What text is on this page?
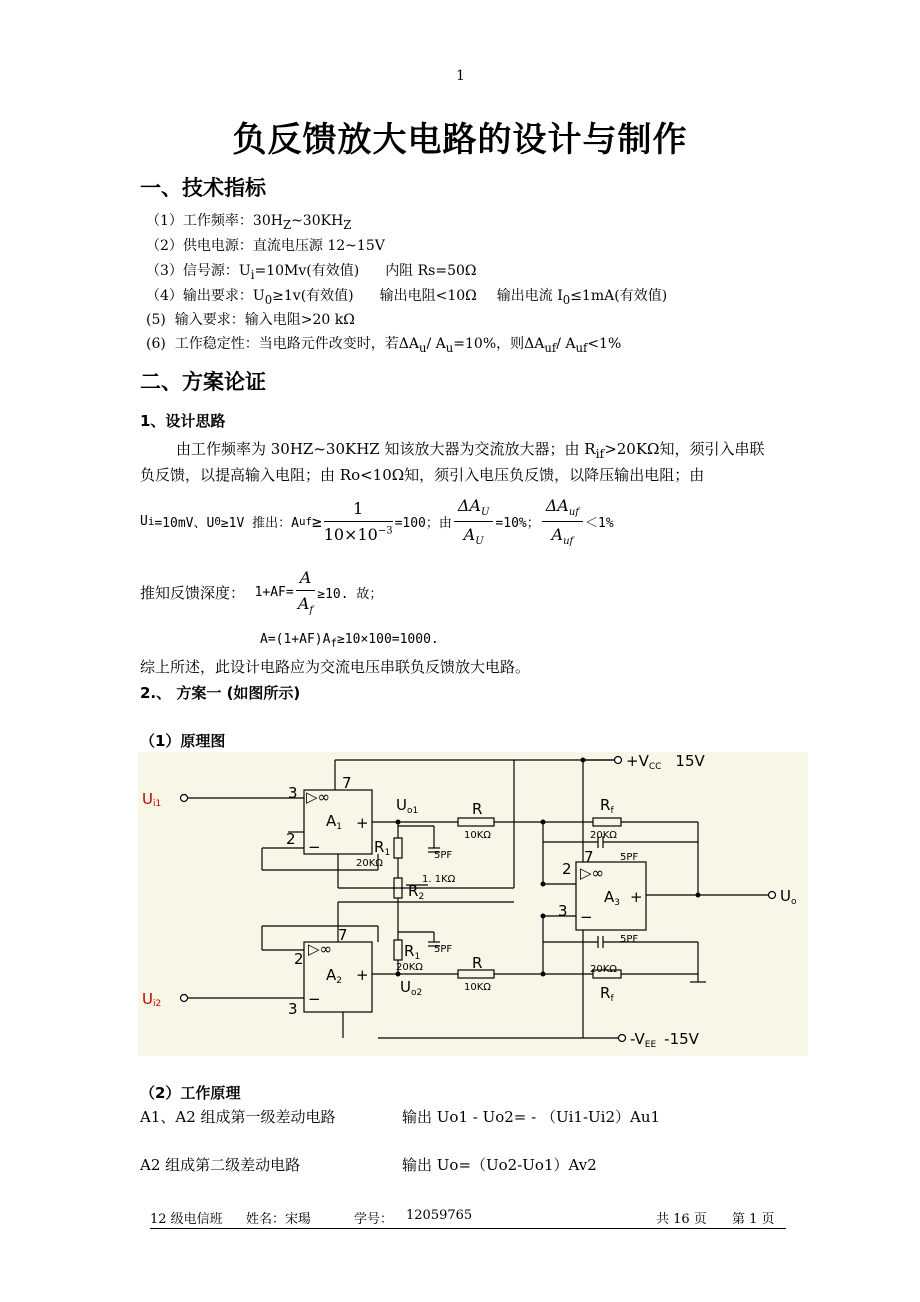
1
负反馈放大电路的设计与制作
一、技术指标
（1）工作频率：$30H_Z\sim 30KH_Z$
（2）供电电源：直流电压源 12~15V
（3）信号源：$U_i=10Mv$(有效值) 内阻 Rs=50Ω
（4）输出要求：$U_0\ge 1v$(有效值) 输出电阻<10Ω 输出电流 $I_0\le 1mA$(有效值)
(5) 输入要求：输入电阻>20 kΩ
(6) 工作稳定性：当电路元件改变时，若$\Delta A_u/$ $A_u=10\%$，则$\Delta A_{uf}/$ $A_{uf}<1\%$
二、方案论证
1、设计思路
由工作频率为 30HZ~30KHZ 知该放大器为交流放大器；由 $R_{if}>20K\Omega$知，须引入串联
负反馈，以提高输入电阻；由 Ro<10Ω知，须引入电压负反馈，以降压输出电阻；由
U i =10mV、U 0 ≥1V 推出：A uf ≥ $\frac{1}{10\times 10^{-3}} =100$；由 $\frac{\Delta A_U}{A_U} =10\%$； $\frac{\Delta A_{uf}}{A_{uf}} <1\%$
推知反馈深度：
$1+AF= \frac{A}{A_f} \ge 10$. 故；
$A=(1+AF)A_f\ge 10\times 100=1000$.
综上所述，此设计电路应为交流电压串联负反馈放大电路。
2.、 方案一 (如图所示)
（1）原理图
$+V_{CC}$ 15V
$-V_{EE}$ -15V
Ui1
Ui2
$U_o$
$U_{o1}$
$U_{o2}$
$A_1$
$A_2$
$A_3$
▷∞
▷∞
▷∞
3
2
7
2
3
7
2
3
7
+
+
+
−
−
−
R
R
$R_f$
$R_f$
$R_1$
$R_1$
$R_2$
10KΩ
10KΩ
20KΩ
20KΩ
20KΩ
20KΩ
1. 1KΩ
5PF
5PF
5PF
5PF
（2）工作原理
A1、A2 组成第一级差动电路	输出 Uo1 - Uo2= - （Ui1-Ui2）Au1
A2 组成第二级差动电路	输出 Uo=（Uo2-Uo1）Av2
12 级电信班 姓名：宋瑒	学号： 12059765	共 16 页 第 1 页
